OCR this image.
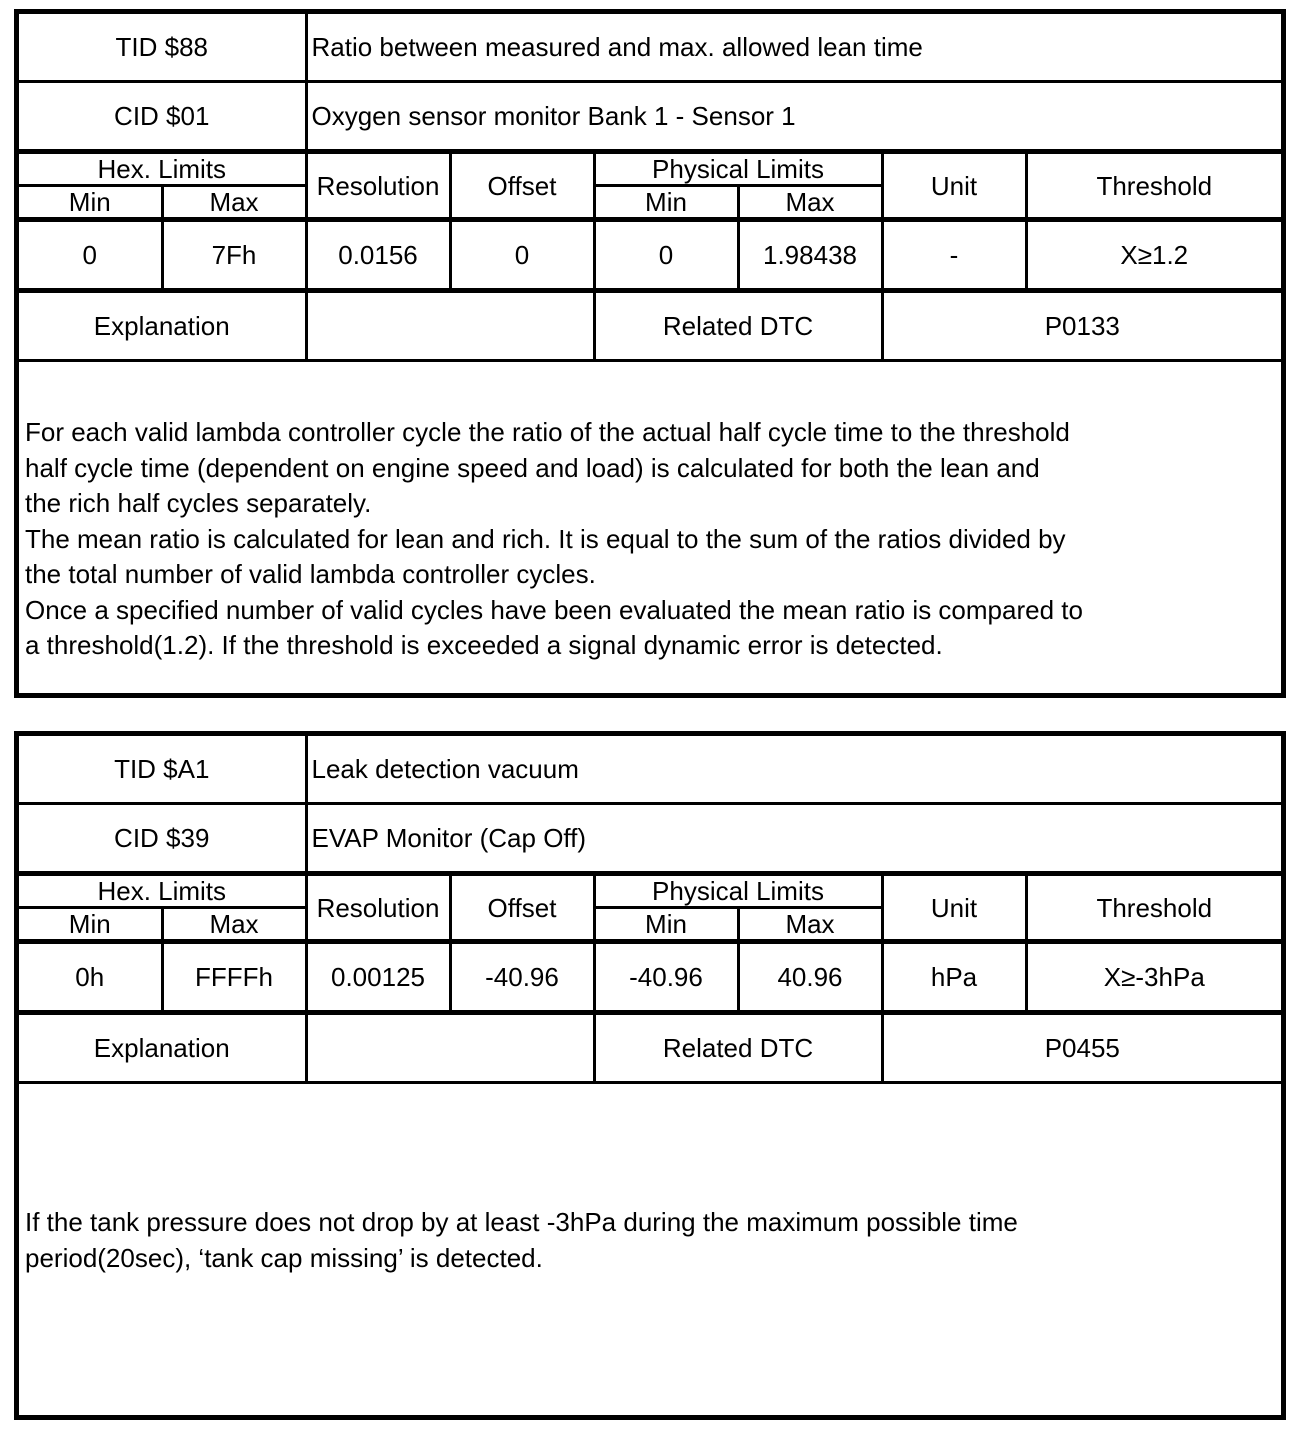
TID $88		Ratio between measured and max. allowed lean time					
CID $01		Oxygen sensor monitor Bank 1 - Sensor 1					
Hex. Limits		Resolution	Offset	Physical Limits		Unit	Threshold
Min	Max			Min	Max		
0	7Fh	0.0156	0	0	1.98438	-	X≥1.2
Explanation				Related DTC		P0133	

For each valid lambda controller cycle the ratio of the actual half cycle time to the threshold

half cycle time (dependent on engine speed and load) is calculated for both the lean and

the rich half cycles separately.

The mean ratio is calculated for lean and rich. It is equal to the sum of the ratios divided by

the total number of valid lambda controller cycles.

Once a specified number of valid cycles have been evaluated the mean ratio is compared to

a threshold(1.2). If the threshold is exceeded a signal dynamic error is detected.

TID $A1		Leak detection vacuum					
CID $39		EVAP Monitor (Cap Off)					
Hex. Limits		Resolution	Offset	Physical Limits		Unit	Threshold
Min	Max			Min	Max		
0h	FFFFh	0.00125	-40.96	-40.96	40.96	hPa	X≥-3hPa
Explanation				Related DTC		P0455	

If the tank pressure does not drop by at least -3hPa during the maximum possible time

period(20sec), ‘tank cap missing’ is detected.
